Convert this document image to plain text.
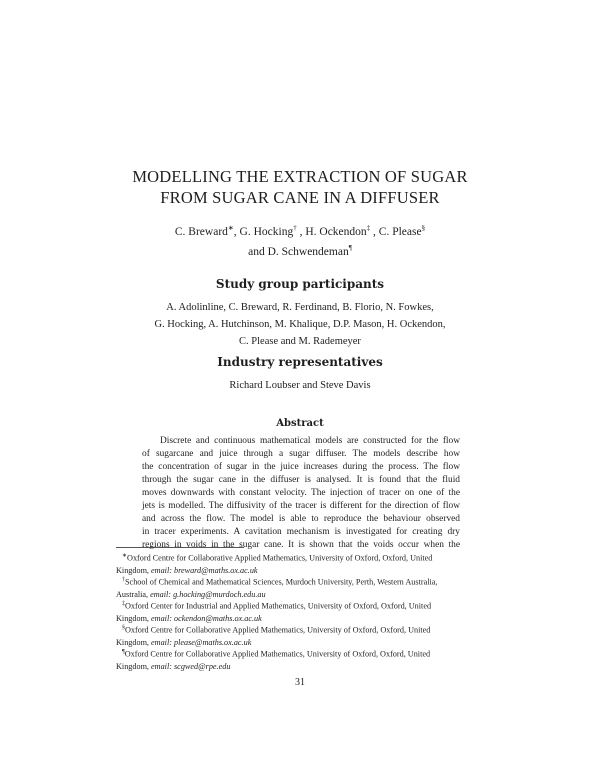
MODELLING THE EXTRACTION OF SUGAR
FROM SUGAR CANE IN A DIFFUSER
C. Breward∗, G. Hocking† , H. Ockendon‡ , C. Please§
and D. Schwendeman¶
Study group participants
A. Adolinline, C. Breward, R. Ferdinand, B. Florio, N. Fowkes,
G. Hocking, A. Hutchinson, M. Khalique, D.P. Mason, H. Ockendon,
C. Please and M. Rademeyer
Industry representatives
Richard Loubser and Steve Davis
Abstract
Discrete and continuous mathematical models are constructed for the flow
of sugarcane and juice through a sugar diffuser. The models describe how
the concentration of sugar in the juice increases during the process. The flow
through the sugar cane in the diffuser is analysed. It is found that the fluid
moves downwards with constant velocity. The injection of tracer on one of the
jets is modelled. The diffusivity of the tracer is different for the direction of flow
and across the flow. The model is able to reproduce the behaviour observed
in tracer experiments. A cavitation mechanism is investigated for creating dry
regions in voids in the sugar cane. It is shown that the voids occur when the
∗Oxford Centre for Collaborative Applied Mathematics, University of Oxford, Oxford, United
Kingdom, email: breward@maths.ox.ac.uk
†School of Chemical and Mathematical Sciences, Murdoch University, Perth, Western Australia,
Australia, email: g.hocking@murdoch.edu.au
‡Oxford Center for Industrial and Applied Mathematics, University of Oxford, Oxford, United
Kingdom, email: ockendon@maths.ox.ac.uk
§Oxford Centre for Collaborative Applied Mathematics, University of Oxford, Oxford, United
Kingdom, email: please@maths.ox.ac.uk
¶Oxford Centre for Collaborative Applied Mathematics, University of Oxford, Oxford, United
Kingdom, email: scgwed@rpe.edu
31
